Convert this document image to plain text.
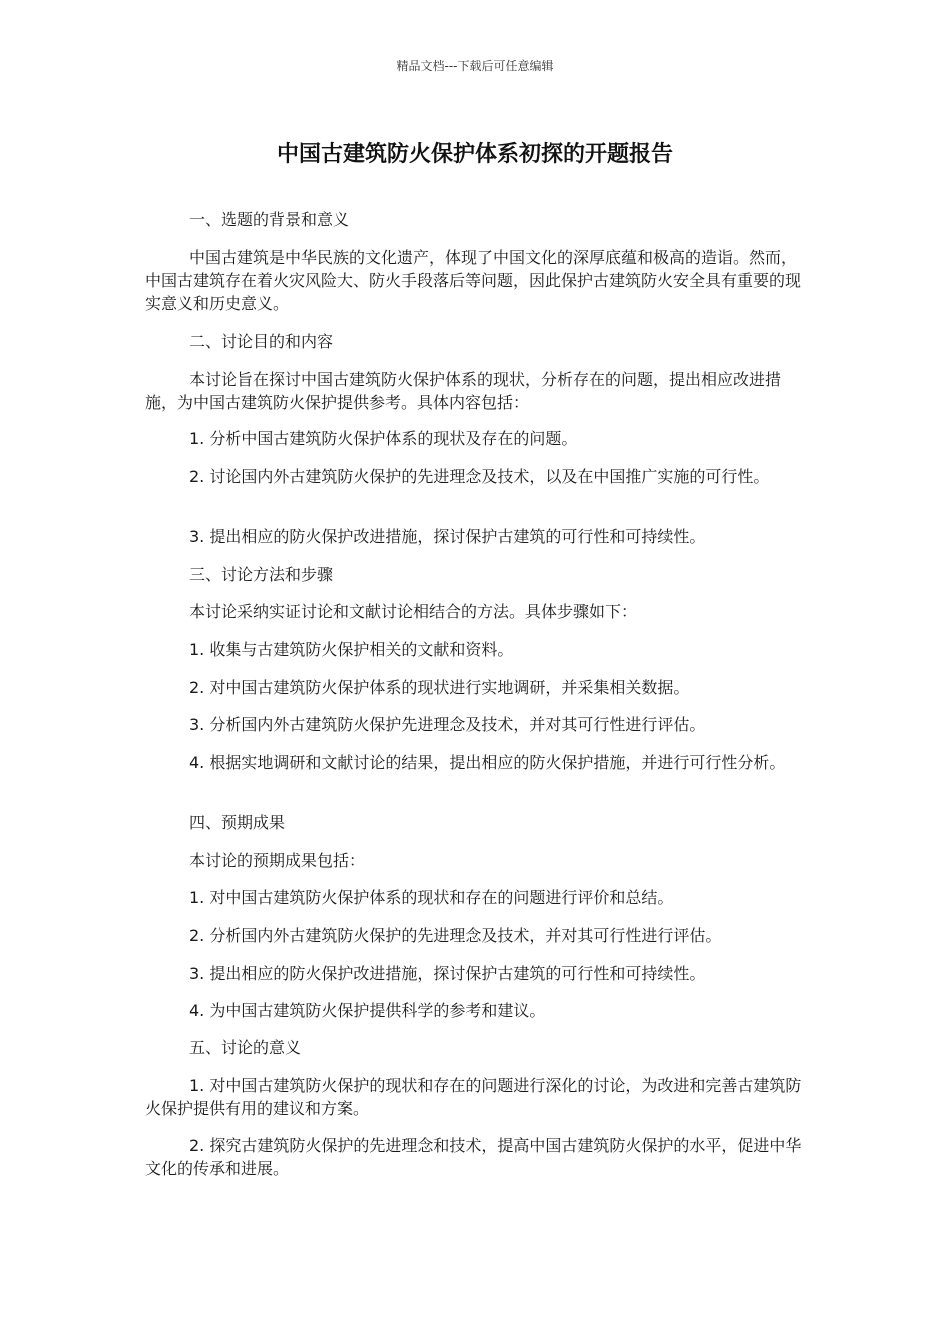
精品文档---下载后可任意编辑
中国古建筑防火保护体系初探的开题报告

一、选题的背景和意义

中国古建筑是中华民族的文化遗产，体现了中国文化的深厚底蕴和极高的造诣。然而，中国古建筑存在着火灾风险大、防火手段落后等问题，因此保护古建筑防火安全具有重要的现实意义和历史意义。

二、讨论目的和内容

本讨论旨在探讨中国古建筑防火保护体系的现状，分析存在的问题，提出相应改进措施，为中国古建筑防火保护提供参考。具体内容包括：

1. 分析中国古建筑防火保护体系的现状及存在的问题。

2. 讨论国内外古建筑防火保护的先进理念及技术，以及在中国推广实施的可行性。

3. 提出相应的防火保护改进措施，探讨保护古建筑的可行性和可持续性。

三、讨论方法和步骤

本讨论采纳实证讨论和文献讨论相结合的方法。具体步骤如下：

1. 收集与古建筑防火保护相关的文献和资料。

2. 对中国古建筑防火保护体系的现状进行实地调研，并采集相关数据。

3. 分析国内外古建筑防火保护先进理念及技术，并对其可行性进行评估。

4. 根据实地调研和文献讨论的结果，提出相应的防火保护措施，并进行可行性分析。

四、预期成果

本讨论的预期成果包括：

1. 对中国古建筑防火保护体系的现状和存在的问题进行评价和总结。

2. 分析国内外古建筑防火保护的先进理念及技术，并对其可行性进行评估。

3. 提出相应的防火保护改进措施，探讨保护古建筑的可行性和可持续性。

4. 为中国古建筑防火保护提供科学的参考和建议。

五、讨论的意义

1. 对中国古建筑防火保护的现状和存在的问题进行深化的讨论，为改进和完善古建筑防火保护提供有用的建议和方案。

2. 探究古建筑防火保护的先进理念和技术，提高中国古建筑防火保护的水平，促进中华文化的传承和进展。
